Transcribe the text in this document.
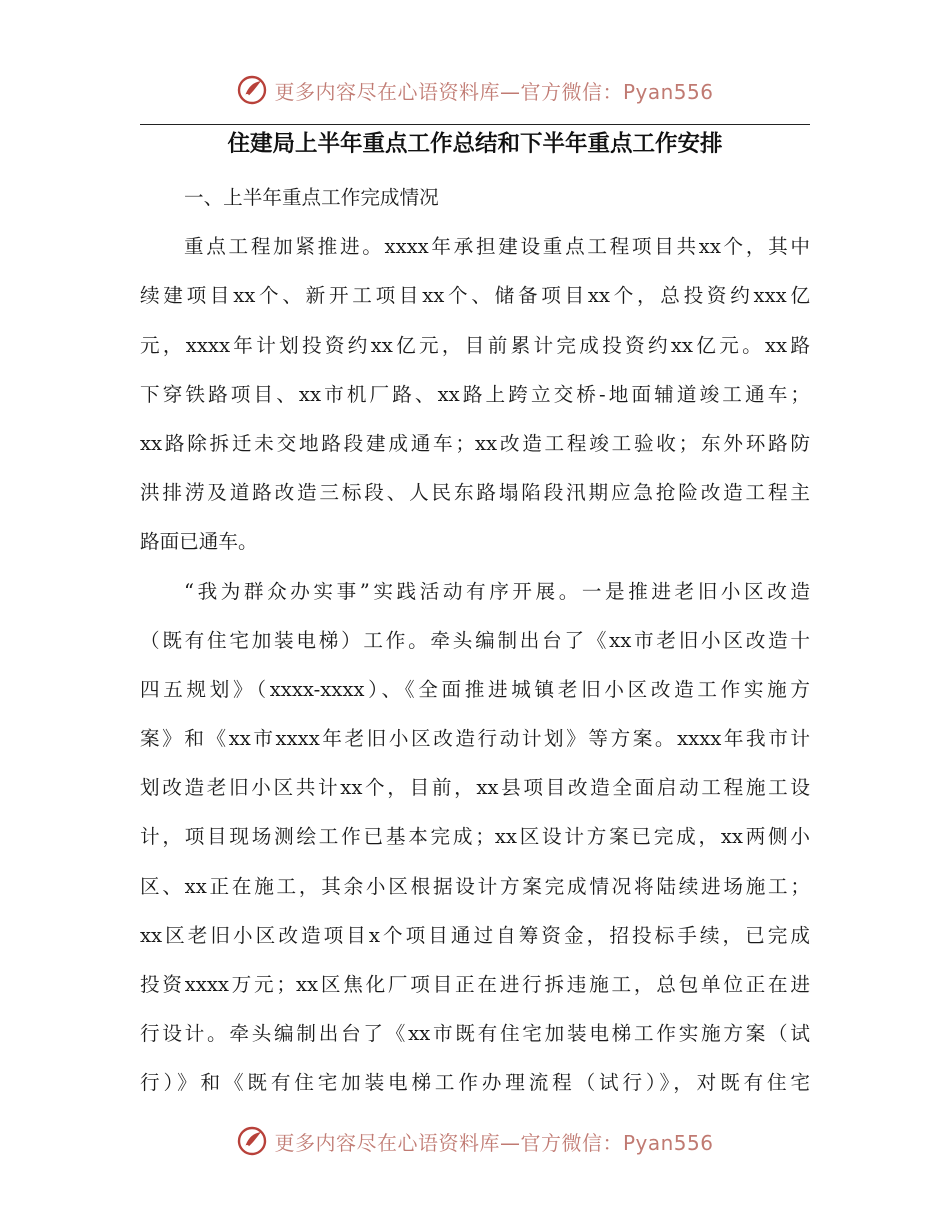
更多内容尽在心语资料库—官方微信：Pyan556
住建局上半年重点工作总结和下半年重点工作安排
一、上半年重点工作完成情况
重点工程加紧推进。xxxx年承担建设重点工程项目共xx个，其中
续建项目xx个、新开工项目xx个、储备项目xx个，总投资约xxx亿
元，xxxx年计划投资约xx亿元，目前累计完成投资约xx亿元。xx路
下穿铁路项目、xx市机厂路、xx路上跨立交桥-地面辅道竣工通车；
xx路除拆迁未交地路段建成通车；xx改造工程竣工验收；东外环路防
洪排涝及道路改造三标段、人民东路塌陷段汛期应急抢险改造工程主
路面已通车。
“我为群众办实事”实践活动有序开展。一是推进老旧小区改造
（既有住宅加装电梯）工作。牵头编制出台了《xx市老旧小区改造十
四五规划》（xxxx-xxxx）、《全面推进城镇老旧小区改造工作实施方
案》和《xx市xxxx年老旧小区改造行动计划》等方案。xxxx年我市计
划改造老旧小区共计xx个，目前，xx县项目改造全面启动工程施工设
计，项目现场测绘工作已基本完成；xx区设计方案已完成，xx两侧小
区、xx正在施工，其余小区根据设计方案完成情况将陆续进场施工；
xx区老旧小区改造项目x个项目通过自筹资金，招投标手续，已完成
投资xxxx万元；xx区焦化厂项目正在进行拆违施工，总包单位正在进
行设计。牵头编制出台了《xx市既有住宅加装电梯工作实施方案（试
行）》和《既有住宅加装电梯工作办理流程（试行）》，对既有住宅
更多内容尽在心语资料库—官方微信：Pyan556
